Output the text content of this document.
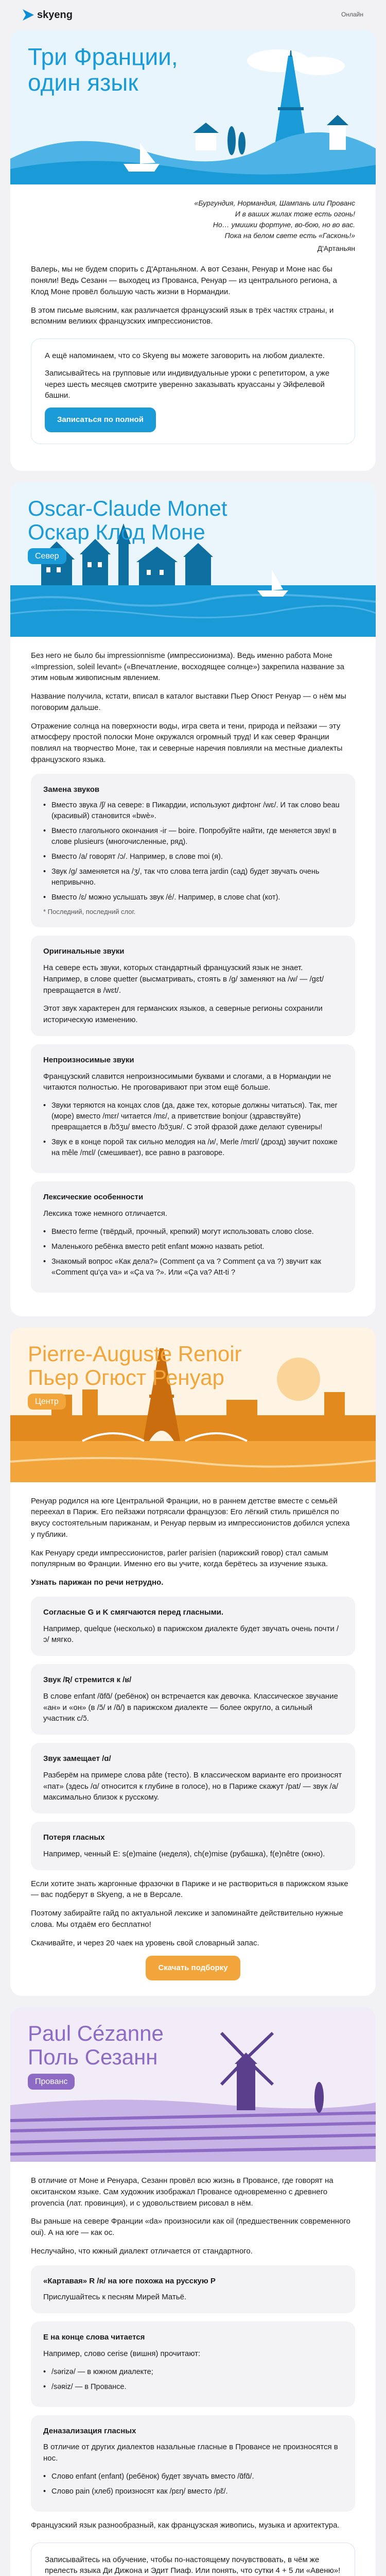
skyeng	Онлайн
Три Франции,
один язык
«Бургундия, Нормандия, Шампань или Прованс
И в ваших жилах тоже есть огонь!
Но… умишки фортуне, во-бою, но во вас.
Пока на белом свете есть «Гасконь!»
Д'Артаньян

Валерь, мы не будем спорить с Д'Артаньяном. А вот Сезанн, Ренуар и Моне нас бы поняли! Ведь Сезанн — выходец из Прованса, Ренуар — из центрального региона, а Клод Моне провёл большую часть жизни в Нормандии.

В этом письме выясним, как различается французский язык в трёх частях страны, и вспомним великих французских импрессионистов.

А ещё напоминаем, что со Skyeng вы можете заговорить на любом диалекте.

Записывайтесь на групповые или индивидуальные уроки с репетитором, а уже через шесть месяцев смотрите уверенно заказывать круассаны у Эйфелевой башни.

Записаться по полной
Oscar-Claude Monet
Оскар Клод Моне
Север

Без него не было бы impressionnisme (импрессионизма). Ведь именно работа Моне «Impression, soleil levant» («Впечатление, восходящее солнце») закрепила название за этим новым живописным явлением.

Название получила, кстати, вписал в каталог выставки Пьер Огюст Ренуар — о нём мы поговорим дальше.

Отражение солнца на поверхности воды, игра света и тени, природа и пейзажи — эту атмосферу простой полоски Моне окружался огромный труд! И как север Франции повлиял на творчество Моне, так и северные наречия повлияли на местные диалекты французского языка.

Замена звуков
• Вместо звука /ʃ/ на севере: в Пикардии, используют дифтонг /wɛ/. И так слово beau (красивый) становится «bwè».
• Вместо глагольного окончания -ir — boire. Попробуйте найти, где меняется звук! в слове plusieurs (многочисленные, ряд).
• Вместо /а/ говорят /ɔ/. Например, в слове moi (я).
• Звук /g/ заменяется на /ʒ/, так что слова terra jardin (сад) будет звучать очень непривычно.
• Вместо /ɛ/ можно услышать звук /é/. Например, в слове chat (кот).
* Последний, последний слог.
Оригинальные звуки

На севере есть звуки, которых стандартный французский язык не знает. Например, в слове quetter (высматривать, стоять в /g/ заменяют на /w/ — /gɛt/ превращается в /wɛt/.

Этот звук характерен для германских языков, а северные регионы сохранили историческую изменению.

Непроизносимые звуки

Французский славится непроизносимыми буквами и слогами, а в Нормандии не читаются полностью. Не проговаривают при этом ещё больше.

• Звуки теряются на концах слов (да, даже тех, которые должны читаться). Так, mer (море) вместо /mɛr/ читается /mɛ/, а приветствие bonjour (здравствуйте) превращается в /bɔ̃ʒu/ вместо /bɔ̃ʒuʀ/. С этой фразой даже делают сувениры!
• Звук e в конце порой так сильно мелодия на /и/, Merle /mɛrl/ (дрозд) звучит похоже на mêle /mɛl/ (смешивает), все равно в разговоре.
Лексические особенности

Лексика тоже немного отличается.

• Вместо ferme (твёрдый, прочный, крепкий) могут использовать слово close.
• Маленького ребёнка вместо petit enfant можно назвать petiot.
• Знакомый вопрос «Как дела?» (Comment ça va ? Comment ça va ?) звучит как «Comment qu'ça va» и «Ça va ?». Или «Ça va? Att-ti ?
Pierre-Auguste Renoir
Пьер Огюст Ренуар
Центр

Ренуар родился на юге Центральной Франции, но в раннем детстве вместе с семьёй переехал в Париж. Его пейзажи потрясали французов: Его лёгкий стиль пришёлся по вкусу состоятельным парижанам, и Ренуар первым из импрессионистов добился успеха у публики.

Как Ренуару среди импрессионистов, parler parisien (парижский говор) стал самым популярным во Франции. Именно его вы учите, когда берётесь за изучение языка.

Узнать парижан по речи нетрудно.

Согласные G и K смягчаются перед гласными.

Например, quelque (несколько) в парижском диалекте будет звучать очень почти /ɔ/ мягко.

Звук /Ʀ/ стремится к /ʁ/

В слове enfant /ɑ̃fɑ̃/ (ребёнок) он встречается как девочка. Классическое звучание «ан» и «он» (в /ɔ̃/ и /ɑ̃/) в парижском диалекте — более округло, а сильный участник с/ɔ̃.

Звук замещает /ɑ/

Разберём на примере слова pâte (тесто). В классическом варианте его произносят «пат» (здесь /ɑ/ относится к глубине в голосе), но в Париже скажут /pat/ — звук /a/ максимально близок к русскому.

Потеря гласных

Например, ченный E: s(e)maine (неделя), ch(e)mise (рубашка), f(e)nêtre (окно).

Если хотите знать жаргонные фразочки в Париже и не раствориться в парижском языке — вас подберут в Skyeng, а не в Версале.

Поэтому забирайте гайд по актуальной лексике и запоминайте действительно нужные слова. Мы отдаём его бесплатно!

Скачивайте, и через 20 чаек на уровень свой словарный запас.

Скачать подборку
Paul Cézanne
Поль Сезанн
Прованс

В отличие от Моне и Ренуара, Сезанн провёл всю жизнь в Провансе, где говорят на окситанском языке. Сам художник изображал Провансе одновременно с древнего provencia (лат. провинция), и с удовольствием рисовал в нём.

Вы раньше на севере Франции «da» произносили как oil (предшественник современного oui). А на юге — как oc.

Неслучайно, что южный диалект отличается от стандартного.

«Картавая» R /ʀ/ на юге похожа на русскую Р

Прислушайтесь к песням Мирей Матьё.

E на конце слова читается

Например, слово cerise (вишня) прочитают:

• /sərizə/ — в южном диалекте;
• /sәʀiz/ — в Провансе.
Деназализация гласных

В отличие от других диалектов назальные гласные в Провансе не произносятся в нос.

• Слово enfant (enfant) (ребёнок) будет звучать вместо /ɑ̃fɑ̃/.
• Слово pain (хлеб) произносят как /pɛŋ/ вместо /pɛ̃/.

Французский язык разнообразный, как французская живопись, музыка и архитектура.

Записывайтесь на обучение, чтобы по-настоящему почувствовать, в чём же прелесть языка Ди Дижона и Эдит Пиаф. Или понять, что сутки 4 + 5 ли «Авеню»!
